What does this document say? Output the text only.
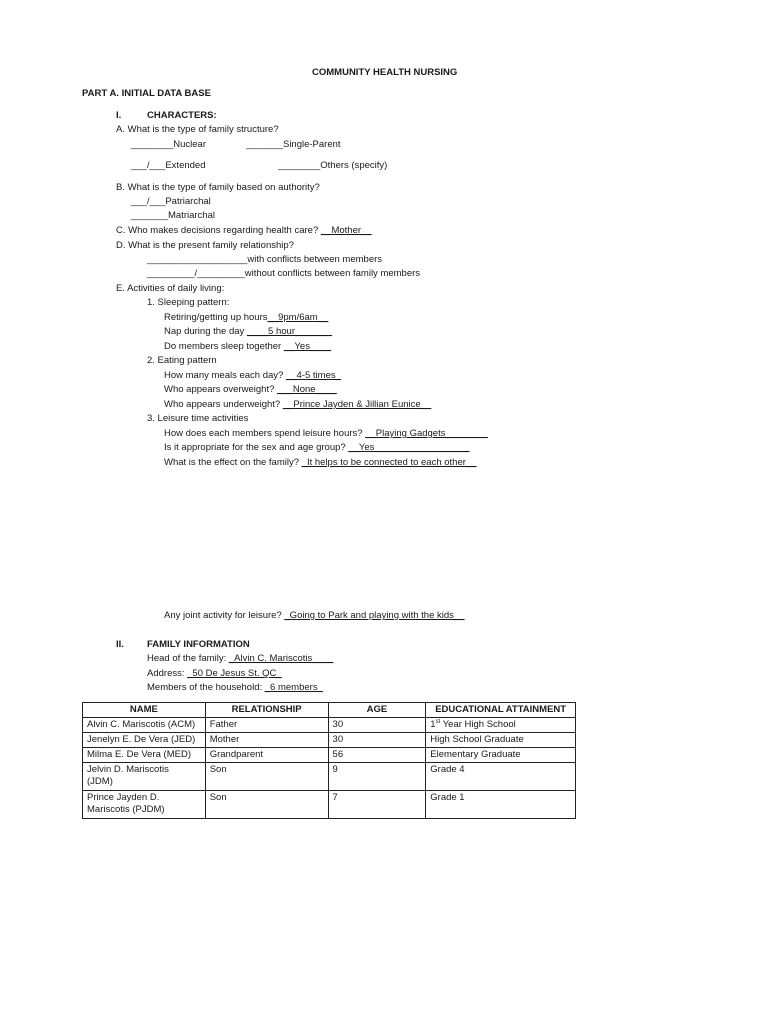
COMMUNITY HEALTH NURSING
PART A. INITIAL DATA BASE
I.	CHARACTERS:
A. What is the type of family structure?
________Nuclear	_______Single-Parent
___/___Extended	________Others (specify)
B. What is the type of family based on authority?
___/___Patriarchal
_______Matriarchal
C. Who makes decisions regarding health care? __Mother__
D. What is the present family relationship?
___________________with conflicts between members
_________/_________without conflicts between family members
E. Activities of daily living:
1. Sleeping pattern:
Retiring/getting up hours__9pm/6am__
Nap during the day ____5 hour_______
Do members sleep together __Yes____
2. Eating pattern
How many meals each day? __4-5 times_
Who appears overweight? ___None____
Who appears underweight? __Prince Jayden & Jillian Eunice__
3. Leisure time activities
How does each members spend leisure hours? __Playing Gadgets________
Is it appropriate for the sex and age group? __Yes__________________
What is the effect on the family? _It helps to be connected to each other__
Any joint activity for leisure? _Going to Park and playing with the kids__
II. FAMILY INFORMATION
Head of the family: _Alvin C. Mariscotis____
Address: _50 De Jesus St. QC_
Members of the household: _6 members_
NAME	RELATIONSHIP	AGE	EDUCATIONAL ATTAINMENT
Alvin C. Mariscotis (ACM)	Father	30	1st Year High School
Jenelyn E. De Vera (JED)	Mother	30	High School Graduate
Milma E. De Vera (MED)	Grandparent	56	Elementary Graduate
Jelvin D. Mariscotis
(JDM)	Son	9	Grade 4
Prince Jayden D.
Mariscotis (PJDM)	Son	7	Grade 1
